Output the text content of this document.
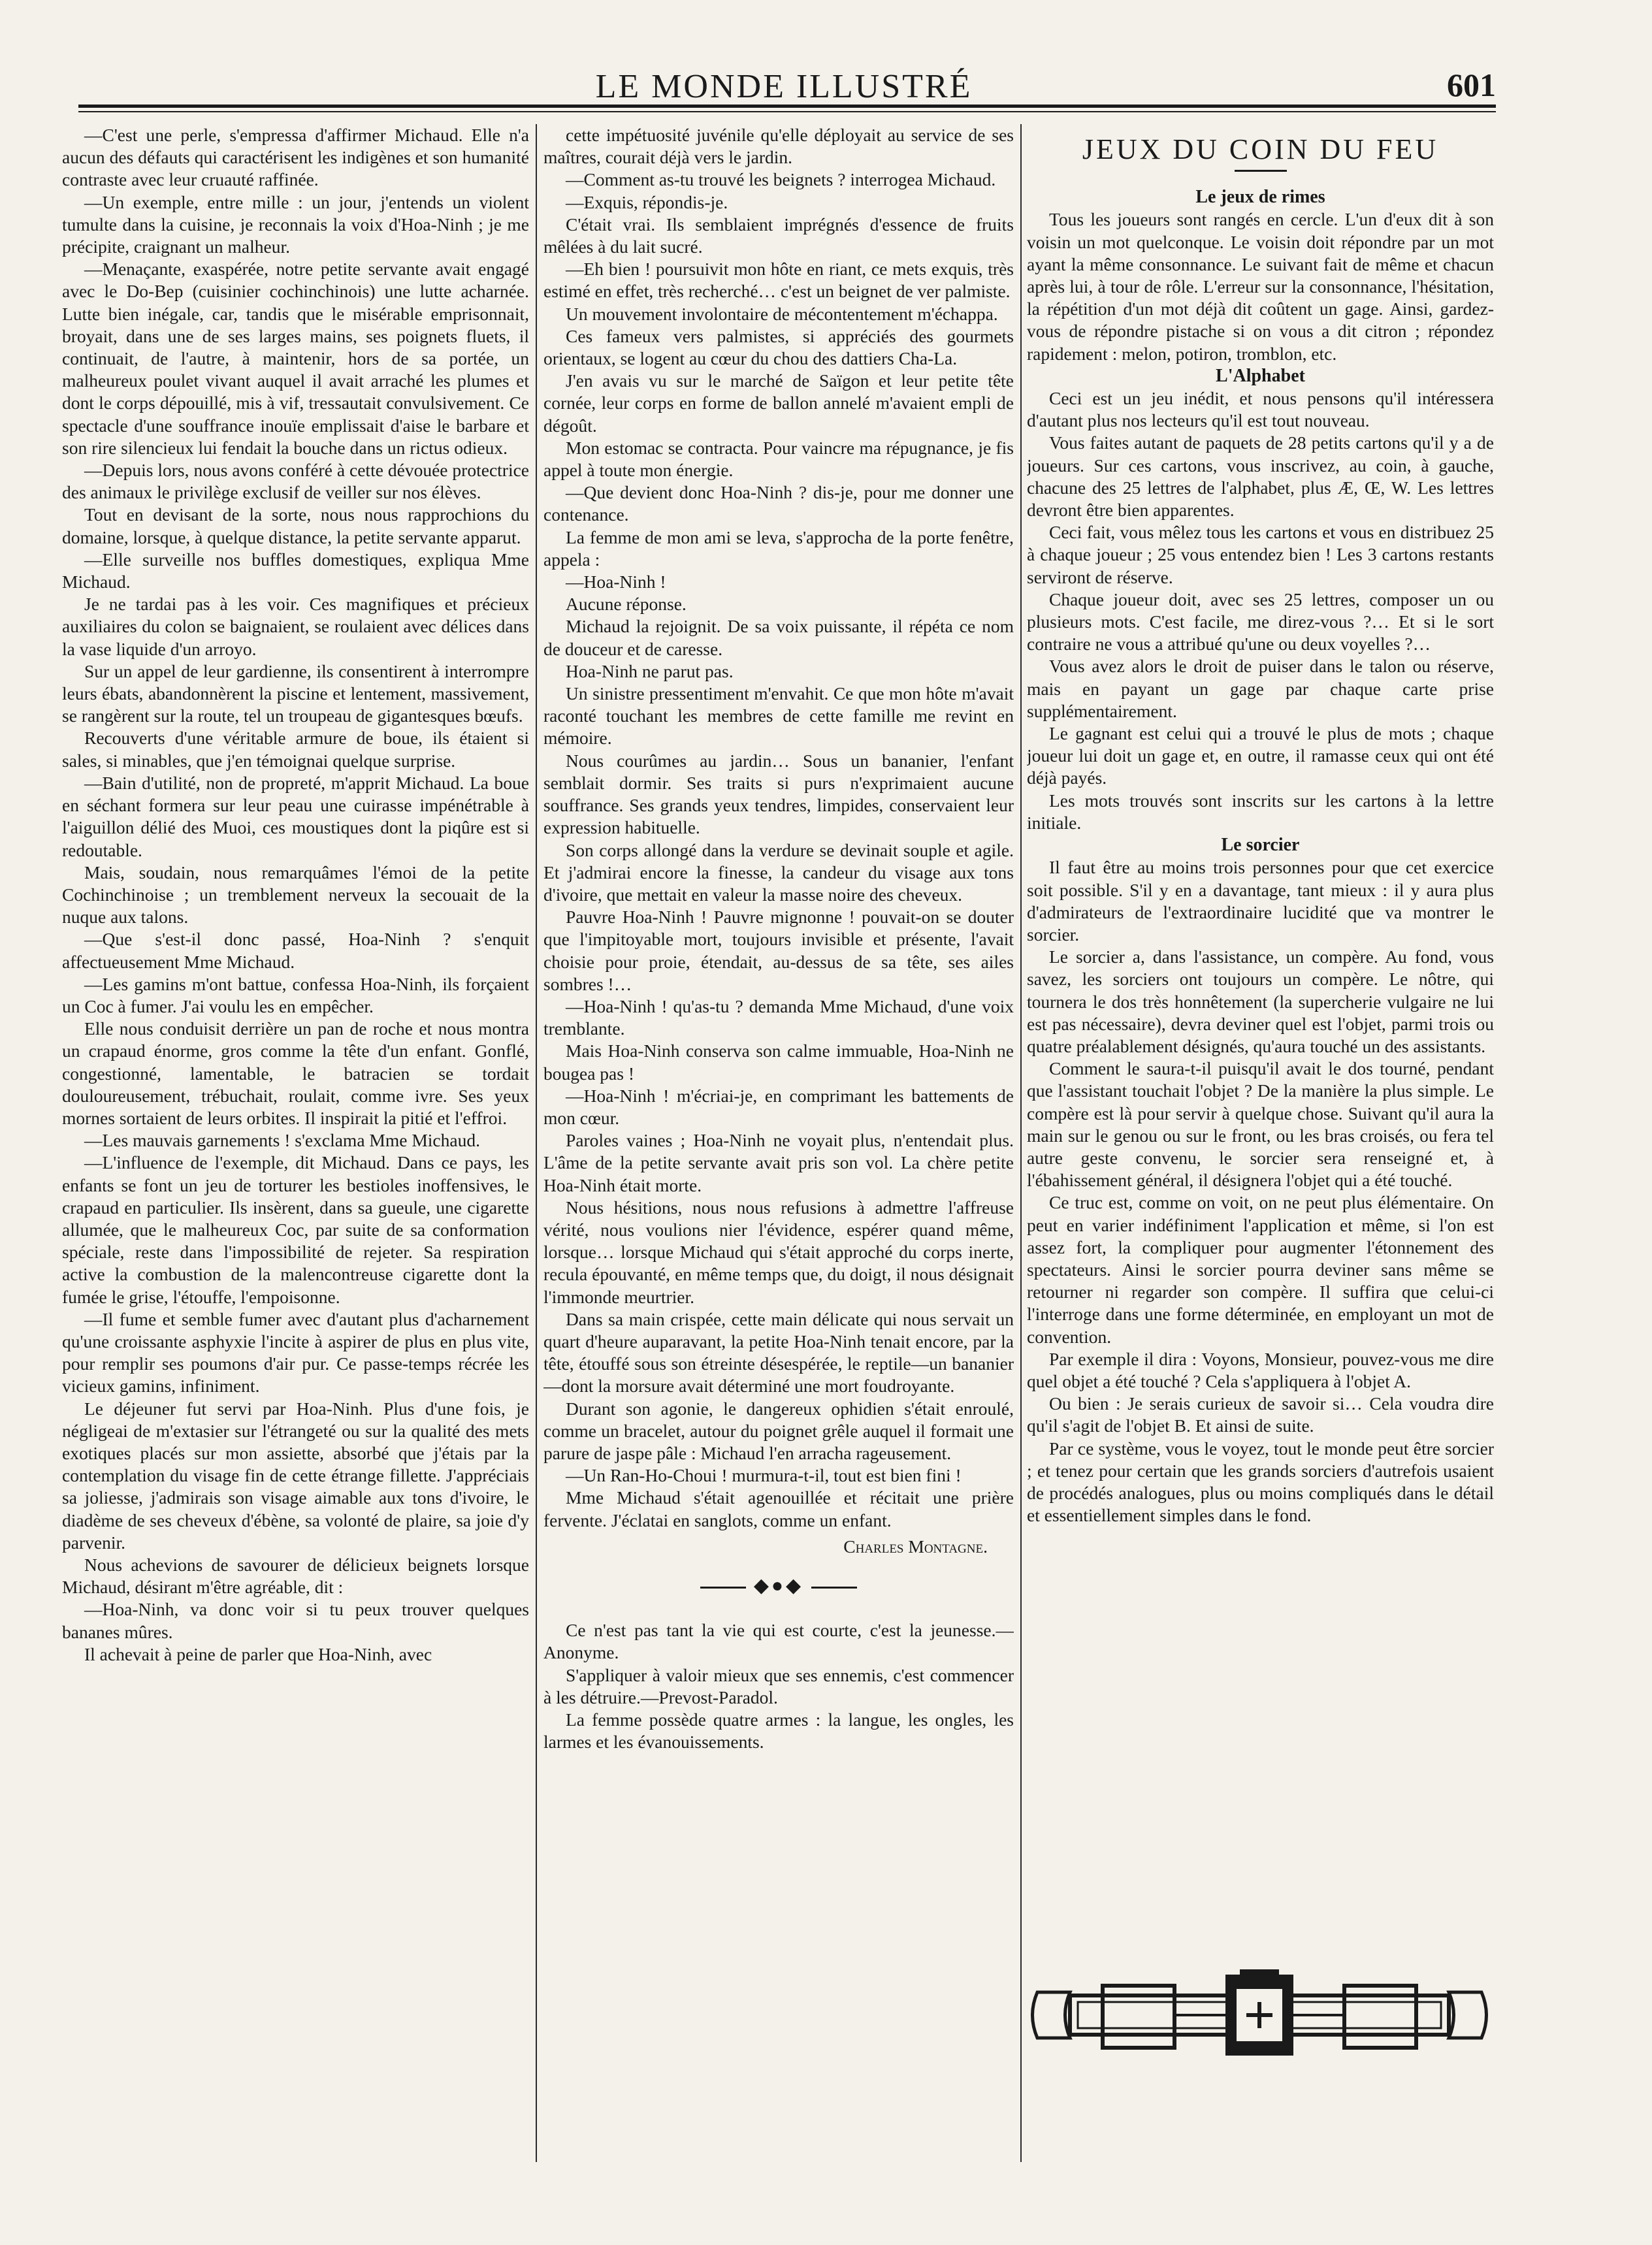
LE MONDE ILLUSTRÉ	601

—C'est une perle, s'empressa d'affirmer Michaud. Elle n'a aucun des défauts qui caractérisent les indigènes et son humanité contraste avec leur cruauté raffinée.

—Un exemple, entre mille : un jour, j'entends un violent tumulte dans la cuisine, je reconnais la voix d'Hoa-Ninh ; je me précipite, craignant un malheur.

—Menaçante, exaspérée, notre petite servante avait engagé avec le Do-Bep (cuisinier cochinchinois) une lutte acharnée. Lutte bien inégale, car, tandis que le misérable emprisonnait, broyait, dans une de ses larges mains, ses poignets fluets, il continuait, de l'autre, à maintenir, hors de sa portée, un malheureux poulet vivant auquel il avait arraché les plumes et dont le corps dépouillé, mis à vif, tressautait convulsivement. Ce spectacle d'une souffrance inouïe emplissait d'aise le barbare et son rire silencieux lui fendait la bouche dans un rictus odieux.

—Depuis lors, nous avons conféré à cette dévouée protectrice des animaux le privilège exclusif de veiller sur nos élèves.

Tout en devisant de la sorte, nous nous rapprochions du domaine, lorsque, à quelque distance, la petite servante apparut.

—Elle surveille nos buffles domestiques, expliqua Mme Michaud.

Je ne tardai pas à les voir. Ces magnifiques et précieux auxiliaires du colon se baignaient, se roulaient avec délices dans la vase liquide d'un arroyo.

Sur un appel de leur gardienne, ils consentirent à interrompre leurs ébats, abandonnèrent la piscine et lentement, massivement, se rangèrent sur la route, tel un troupeau de gigantesques bœufs.

Recouverts d'une véritable armure de boue, ils étaient si sales, si minables, que j'en témoignai quelque surprise.

—Bain d'utilité, non de propreté, m'apprit Michaud. La boue en séchant formera sur leur peau une cuirasse impénétrable à l'aiguillon délié des Muoi, ces moustiques dont la piqûre est si redoutable.

Mais, soudain, nous remarquâmes l'émoi de la petite Cochinchinoise ; un tremblement nerveux la secouait de la nuque aux talons.

—Que s'est-il donc passé, Hoa-Ninh ? s'enquit affectueusement Mme Michaud.

—Les gamins m'ont battue, confessa Hoa-Ninh, ils forçaient un Coc à fumer. J'ai voulu les en empêcher.

Elle nous conduisit derrière un pan de roche et nous montra un crapaud énorme, gros comme la tête d'un enfant. Gonflé, congestionné, lamentable, le batracien se tordait douloureusement, trébuchait, roulait, comme ivre. Ses yeux mornes sortaient de leurs orbites. Il inspirait la pitié et l'effroi.

—Les mauvais garnements ! s'exclama Mme Michaud.

—L'influence de l'exemple, dit Michaud. Dans ce pays, les enfants se font un jeu de torturer les bestioles inoffensives, le crapaud en particulier. Ils insèrent, dans sa gueule, une cigarette allumée, que le malheureux Coc, par suite de sa conformation spéciale, reste dans l'impossibilité de rejeter. Sa respiration active la combustion de la malencontreuse cigarette dont la fumée le grise, l'étouffe, l'empoisonne.

—Il fume et semble fumer avec d'autant plus d'acharnement qu'une croissante asphyxie l'incite à aspirer de plus en plus vite, pour remplir ses poumons d'air pur. Ce passe-temps récrée les vicieux gamins, infiniment.

Le déjeuner fut servi par Hoa-Ninh. Plus d'une fois, je négligeai de m'extasier sur l'étrangeté ou sur la qualité des mets exotiques placés sur mon assiette, absorbé que j'étais par la contemplation du visage fin de cette étrange fillette. J'appréciais sa joliesse, j'admirais son visage aimable aux tons d'ivoire, le diadème de ses cheveux d'ébène, sa volonté de plaire, sa joie d'y parvenir.

Nous achevions de savourer de délicieux beignets lorsque Michaud, désirant m'être agréable, dit :

—Hoa-Ninh, va donc voir si tu peux trouver quelques bananes mûres.

Il achevait à peine de parler que Hoa-Ninh, avec

cette impétuosité juvénile qu'elle déployait au service de ses maîtres, courait déjà vers le jardin.

—Comment as-tu trouvé les beignets ? interrogea Michaud.

—Exquis, répondis-je.

C'était vrai. Ils semblaient imprégnés d'essence de fruits mêlées à du lait sucré.

—Eh bien ! poursuivit mon hôte en riant, ce mets exquis, très estimé en effet, très recherché… c'est un beignet de ver palmiste.

Un mouvement involontaire de mécontentement m'échappa.

Ces fameux vers palmistes, si appréciés des gourmets orientaux, se logent au cœur du chou des dattiers Cha-La.

J'en avais vu sur le marché de Saïgon et leur petite tête cornée, leur corps en forme de ballon annelé m'avaient empli de dégoût.

Mon estomac se contracta. Pour vaincre ma répugnance, je fis appel à toute mon énergie.

—Que devient donc Hoa-Ninh ? dis-je, pour me donner une contenance.

La femme de mon ami se leva, s'approcha de la porte fenêtre, appela :

—Hoa-Ninh !

Aucune réponse.

Michaud la rejoignit. De sa voix puissante, il répéta ce nom de douceur et de caresse.

Hoa-Ninh ne parut pas.

Un sinistre pressentiment m'envahit. Ce que mon hôte m'avait raconté touchant les membres de cette famille me revint en mémoire.

Nous courûmes au jardin… Sous un bananier, l'enfant semblait dormir. Ses traits si purs n'exprimaient aucune souffrance. Ses grands yeux tendres, limpides, conservaient leur expression habituelle.

Son corps allongé dans la verdure se devinait souple et agile. Et j'admirai encore la finesse, la candeur du visage aux tons d'ivoire, que mettait en valeur la masse noire des cheveux.

Pauvre Hoa-Ninh ! Pauvre mignonne ! pouvait-on se douter que l'impitoyable mort, toujours invisible et présente, l'avait choisie pour proie, étendait, au-dessus de sa tête, ses ailes sombres !…

—Hoa-Ninh ! qu'as-tu ? demanda Mme Michaud, d'une voix tremblante.

Mais Hoa-Ninh conserva son calme immuable, Hoa-Ninh ne bougea pas !

—Hoa-Ninh ! m'écriai-je, en comprimant les battements de mon cœur.

Paroles vaines ; Hoa-Ninh ne voyait plus, n'entendait plus. L'âme de la petite servante avait pris son vol. La chère petite Hoa-Ninh était morte.

Nous hésitions, nous nous refusions à admettre l'affreuse vérité, nous voulions nier l'évidence, espérer quand même, lorsque… lorsque Michaud qui s'était approché du corps inerte, recula épouvanté, en même temps que, du doigt, il nous désignait l'immonde meurtrier.

Dans sa main crispée, cette main délicate qui nous servait un quart d'heure auparavant, la petite Hoa-Ninh tenait encore, par la tête, étouffé sous son étreinte désespérée, le reptile—un bananier—dont la morsure avait déterminé une mort foudroyante.

Durant son agonie, le dangereux ophidien s'était enroulé, comme un bracelet, autour du poignet grêle auquel il formait une parure de jaspe pâle : Michaud l'en arracha rageusement.

—Un Ran-Ho-Choui ! murmura-t-il, tout est bien fini !

Mme Michaud s'était agenouillée et récitait une prière fervente. J'éclatai en sanglots, comme un enfant.

Charles Montagne.

◆●◆

Ce n'est pas tant la vie qui est courte, c'est la jeunesse.—Anonyme.

S'appliquer à valoir mieux que ses ennemis, c'est commencer à les détruire.—Prevost-Paradol.

La femme possède quatre armes : la langue, les ongles, les larmes et les évanouissements.

JEUX DU COIN DU FEU

Le jeux de rimes

Tous les joueurs sont rangés en cercle. L'un d'eux dit à son voisin un mot quelconque. Le voisin doit répondre par un mot ayant la même consonnance. Le suivant fait de même et chacun après lui, à tour de rôle. L'erreur sur la consonnance, l'hésitation, la répétition d'un mot déjà dit coûtent un gage. Ainsi, gardez-vous de répondre pistache si on vous a dit citron ; répondez rapidement : melon, potiron, tromblon, etc.

L'Alphabet

Ceci est un jeu inédit, et nous pensons qu'il intéressera d'autant plus nos lecteurs qu'il est tout nouveau.

Vous faites autant de paquets de 28 petits cartons qu'il y a de joueurs. Sur ces cartons, vous inscrivez, au coin, à gauche, chacune des 25 lettres de l'alphabet, plus Æ, Œ, W. Les lettres devront être bien apparentes.

Ceci fait, vous mêlez tous les cartons et vous en distribuez 25 à chaque joueur ; 25 vous entendez bien ! Les 3 cartons restants serviront de réserve.

Chaque joueur doit, avec ses 25 lettres, composer un ou plusieurs mots. C'est facile, me direz-vous ?… Et si le sort contraire ne vous a attribué qu'une ou deux voyelles ?…

Vous avez alors le droit de puiser dans le talon ou réserve, mais en payant un gage par chaque carte prise supplémentairement.

Le gagnant est celui qui a trouvé le plus de mots ; chaque joueur lui doit un gage et, en outre, il ramasse ceux qui ont été déjà payés.

Les mots trouvés sont inscrits sur les cartons à la lettre initiale.

Le sorcier

Il faut être au moins trois personnes pour que cet exercice soit possible. S'il y en a davantage, tant mieux : il y aura plus d'admirateurs de l'extraordinaire lucidité que va montrer le sorcier.

Le sorcier a, dans l'assistance, un compère. Au fond, vous savez, les sorciers ont toujours un compère. Le nôtre, qui tournera le dos très honnêtement (la supercherie vulgaire ne lui est pas nécessaire), devra deviner quel est l'objet, parmi trois ou quatre préalablement désignés, qu'aura touché un des assistants.

Comment le saura-t-il puisqu'il avait le dos tourné, pendant que l'assistant touchait l'objet ? De la manière la plus simple. Le compère est là pour servir à quelque chose. Suivant qu'il aura la main sur le genou ou sur le front, ou les bras croisés, ou fera tel autre geste convenu, le sorcier sera renseigné et, à l'ébahissement général, il désignera l'objet qui a été touché.

Ce truc est, comme on voit, on ne peut plus élémentaire. On peut en varier indéfiniment l'application et même, si l'on est assez fort, la compliquer pour augmenter l'étonnement des spectateurs. Ainsi le sorcier pourra deviner sans même se retourner ni regarder son compère. Il suffira que celui-ci l'interroge dans une forme déterminée, en employant un mot de convention.

Par exemple il dira : Voyons, Monsieur, pouvez-vous me dire quel objet a été touché ? Cela s'appliquera à l'objet A.

Ou bien : Je serais curieux de savoir si… Cela voudra dire qu'il s'agit de l'objet B. Et ainsi de suite.

Par ce système, vous le voyez, tout le monde peut être sorcier ; et tenez pour certain que les grands sorciers d'autrefois usaient de procédés analogues, plus ou moins compliqués dans le détail et essentiellement simples dans le fond.
